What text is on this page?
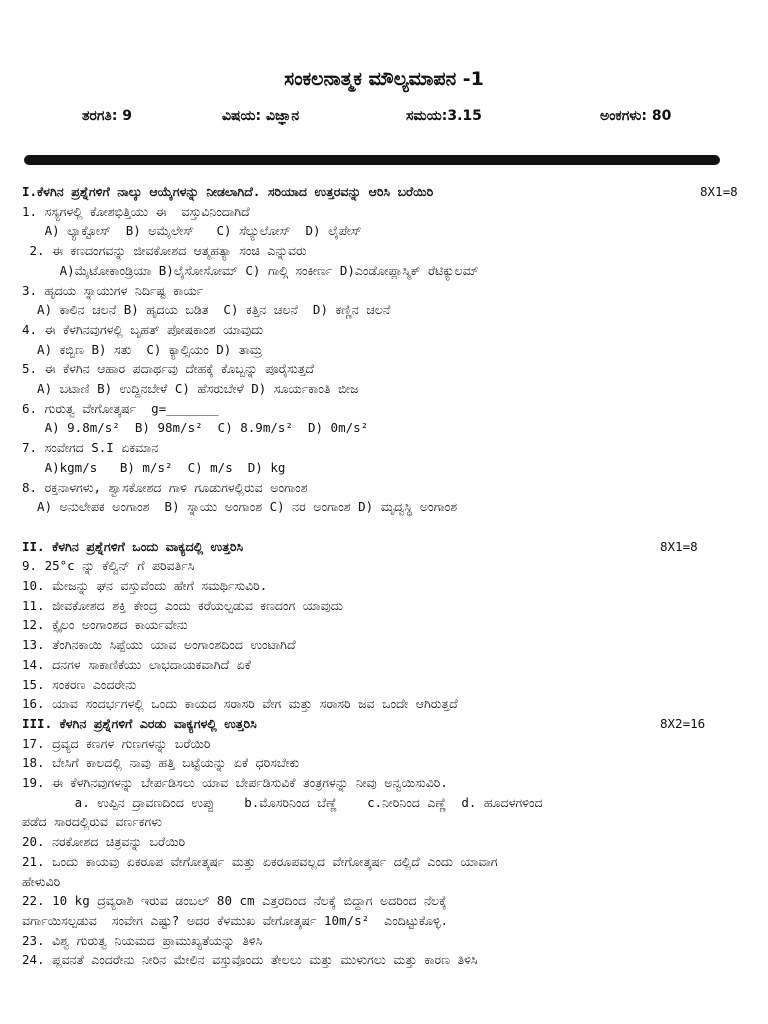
ಸಂಕಲನಾತ್ಮಕ ಮೌಲ್ಯಮಾಪನ -1
ತರಗತಿ: 9	ವಿಷಯ: ವಿಜ್ಞಾನ	ಸಮಯ:3.15	ಅಂಕಗಳು: 80
I.ಕೆಳಗಿನ ಪ್ರಶ್ನೆಗಳಿಗೆ ನಾಲ್ಕು ಆಯ್ಕೆಗಳನ್ನು ನೀಡಲಾಗಿದೆ. ಸರಿಯಾದ ಉತ್ತರವನ್ನು ಆರಿಸಿ ಬರೆಯಿರಿ	8X1=8
1. ಸಸ್ಯಗಳಲ್ಲಿ ಕೋಶಭಿತ್ತಿಯು ಈ  ವಸ್ತುವಿನಿಂದಾಗಿದೆ
A) ಲ್ಯಾಕ್ಟೋಸ್  B) ಅಮೈಲೇಸ್   C) ಸೆಲ್ಯುಲೋಸ್  D) ಲೈಪೇಸ್
2. ಈ ಕಣದಂಗವನ್ನು ಜೀವಕೋಶದ ಆತ್ಮಹತ್ಯಾ ಸಂಚಿ ಎನ್ನುವರು
A)ಮೈಟೋಕಾಂಡ್ರಿಯಾ B)ಲೈಸೋಸೋಮ್ C) ಗಾಲ್ಗಿ ಸಂಕೀರ್ಣ D)ಎಂಡೋಪ್ಲಾಸ್ಮಿಕ್ ರೆಟಿಕ್ಯುಲಮ್
3. ಹೃದಯ ಸ್ನಾಯುಗಳ ನಿರ್ದಿಷ್ಟ ಕಾರ್ಯ
A) ಕಾಲಿನ ಚಲನೆ B) ಹೃದಯ ಬಡಿತ  C) ಕತ್ತಿನ ಚಲನೆ  D) ಕಣ್ಣಿನ ಚಲನೆ
4. ಈ ಕೆಳಗಿನವುಗಳಲ್ಲಿ ಬೃಹತ್ ಪೋಷಕಾಂಶ ಯಾವುದು
A) ಕಬ್ಬಿಣ B) ಸತು  C) ಕ್ಯಾಲ್ಸಿಯಂ D) ತಾಮ್ರ
5. ಈ ಕೆಳಗಿನ ಆಹಾರ ಪದಾರ್ಥವು ದೇಹಕ್ಕೆ ಕೊಬ್ಬನ್ನು ಪೂರೈಸುತ್ತದೆ
A) ಬಟಾಣಿ B) ಉದ್ದಿನಬೇಳೆ C) ಹೆಸರುಬೇಳೆ D) ಸೂರ್ಯಕಾಂತಿ ಬೀಜ
6. ಗುರುತ್ವ ವೇಗೋತ್ಕರ್ಷ  g=_______
A) 9.8m/s²  B) 98m/s²  C) 8.9m/s²  D) 0m/s²
7. ಸಂವೇಗದ S.I ಏಕಮಾನ
A)kgm/s   B) m/s²  C) m/s  D) kg
8. ರಕ್ತನಾಳಗಳು, ಶ್ವಾಸಕೋಶದ ಗಾಳಿ ಗೂಡುಗಳಲ್ಲಿರುವ ಅಂಗಾಂಶ
A) ಅನುಲೇಪಕ ಅಂಗಾಂಶ  B) ಸ್ನಾಯು ಅಂಗಾಂಶ C) ನರ ಅಂಗಾಂಶ D) ಮೃದ್ವಸ್ಥಿ ಅಂಗಾಂಶ
II. ಕೆಳಗಿನ ಪ್ರಶ್ನೆಗಳಿಗೆ ಒಂದು ವಾಕ್ಯದಲ್ಲಿ ಉತ್ತರಿಸಿ	8X1=8
9. 25°c ನ್ನು ಕೆಲ್ವಿನ್ ಗೆ ಪರಿವರ್ತಿಸಿ
10. ಮೇಜನ್ನು ಘನ ವಸ್ತುವೆಂದು ಹೇಗೆ ಸಮರ್ಥಿಸುವಿರಿ.
11. ಜೀವಕೋಶದ ಶಕ್ತಿ ಕೇಂದ್ರ ಎಂದು ಕರೆಯಲ್ಪಡುವ ಕಣದಂಗ ಯಾವುದು
12. ಕ್ಸೈಲಂ ಅಂಗಾಂಶದ ಕಾರ್ಯವೇನು
13. ತೆಂಗಿನಕಾಯಿ ಸಿಪ್ಪೆಯು ಯಾವ ಅಂಗಾಂಶದಿಂದ ಉಂಟಾಗಿದೆ
14. ದನಗಳ ಸಾಕಾಣಿಕೆಯು ಲಾಭದಾಯಕವಾಗಿದೆ ಏಕೆ
15. ಸಂಕರಣ ಎಂದರೇನು
16. ಯಾವ ಸಂದರ್ಭಗಳಲ್ಲಿ ಒಂದು ಕಾಯದ ಸರಾಸರಿ ವೇಗ ಮತ್ತು ಸರಾಸರಿ ಜವ ಒಂದೇ ಆಗಿರುತ್ತದೆ
III. ಕೆಳಗಿನ ಪ್ರಶ್ನೆಗಳಿಗೆ ಎರಡು ವಾಕ್ಯಗಳಲ್ಲಿ ಉತ್ತರಿಸಿ	8X2=16
17. ದ್ರವ್ಯದ ಕಣಗಳ ಗುಣಗಳನ್ನು ಬರೆಯಿರಿ
18. ಬೇಸಿಗೆ ಕಾಲದಲ್ಲಿ ನಾವು ಹತ್ತಿ ಬಟ್ಟೆಯನ್ನು ಏಕೆ ಧರಿಸಬೇಕು
19. ಈ ಕೆಳಗಿನವುಗಳನ್ನು ಬೇರ್ಪಡಿಸಲು ಯಾವ ಬೇರ್ಪಡಿಸುವಿಕೆ ತಂತ್ರಗಳನ್ನು ನೀವು ಅನ್ವಯಿಸುವಿರಿ.
a. ಉಪ್ಪಿನ ದ್ರಾವಣದಿಂದ ಉಪ್ಪು    b.ಮೊಸರಿನಿಂದ ಬೆಣ್ಣೆ    c.ನೀರಿನಿಂದ ಎಣ್ಣೆ  d. ಹೂದಳಗಳಿಂದ
ಪಡೆದ ಸಾರದಲ್ಲಿರುವ ವರ್ಣಕಗಳು
20. ನರಕೋಶದ ಚಿತ್ರವನ್ನು ಬರೆಯಿರಿ
21. ಒಂದು ಕಾಯವು ಏಕರೂಪ ವೇಗೋತ್ಕರ್ಷ ಮತ್ತು ಏಕರೂಪವಲ್ಲದ ವೇಗೋತ್ಕರ್ಷ ದಲ್ಲಿದೆ ಎಂದು ಯಾವಾಗ
ಹೇಳುವಿರಿ
22. 10 kg ದ್ರವ್ಯರಾಶಿ ಇರುವ ಡಂಬಲ್ 80 cm ಎತ್ತರದಿಂದ ನೆಲಕ್ಕೆ ಬಿದ್ದಾಗ ಅದರಿಂದ ನೆಲಕ್ಕೆ
ವರ್ಗಾಯಿಸಲ್ಪಡುವ  ಸಂವೇಗ ಎಷ್ಟು? ಅದರ ಕೆಳಮುಖ ವೇಗೋತ್ಕರ್ಷ 10m/s²  ಎಂದಿಟ್ಟುಕೊಳ್ಳಿ.
23. ವಿಶ್ವ ಗುರುತ್ವ ನಿಯಮದ ಪ್ರಾಮುಖ್ಯತೆಯನ್ನು ತಿಳಿಸಿ
24. ಪ್ಲವನತೆ ಎಂದರೇನು ನೀರಿನ ಮೇಲಿನ ವಸ್ತುವೊಂದು ತೇಲಲು ಮತ್ತು ಮುಳುಗಲು ಮತ್ತು ಕಾರಣ ತಿಳಿಸಿ
